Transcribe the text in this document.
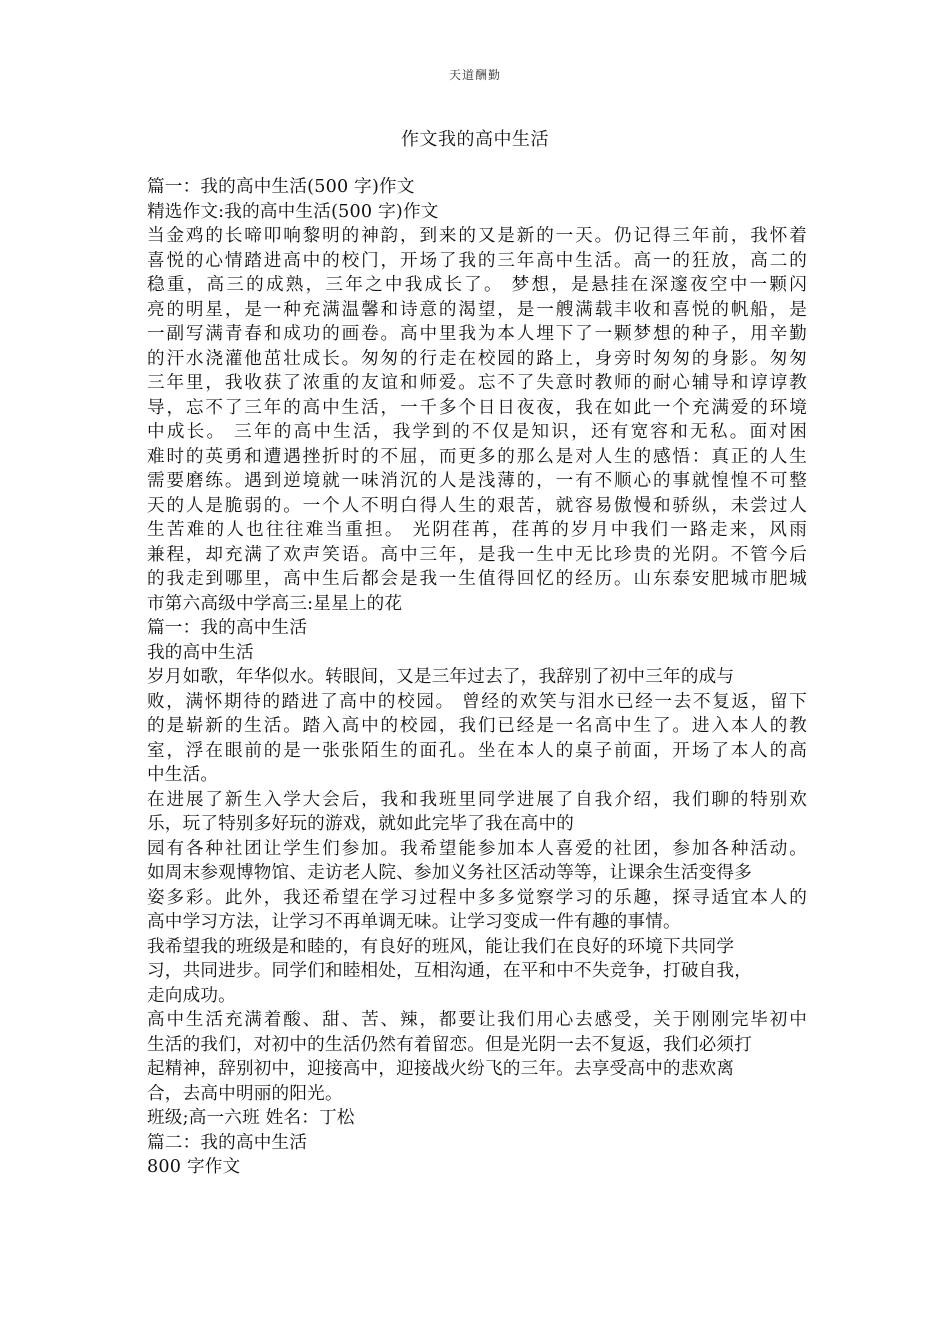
天道酬勤
作文我的高中生活

篇一：我的高中生活(500 字)作文

精选作文:我的高中生活(500 字)作文

当金鸡的长啼叩响黎明的神韵，到来的又是新的一天。仍记得三年前，我怀着

喜悦的心情踏进高中的校门，开场了我的三年高中生活。高一的狂放，高二的

稳重，高三的成熟，三年之中我成长了。 梦想，是悬挂在深邃夜空中一颗闪

亮的明星，是一种充满温馨和诗意的渴望，是一艘满载丰收和喜悦的帆船，是

一副写满青春和成功的画卷。高中里我为本人埋下了一颗梦想的种子，用辛勤

的汗水浇灌他茁壮成长。匆匆的行走在校园的路上，身旁时匆匆的身影。匆匆

三年里，我收获了浓重的友谊和师爱。忘不了失意时教师的耐心辅导和谆谆教

导，忘不了三年的高中生活，一千多个日日夜夜，我在如此一个充满爱的环境

中成长。 三年的高中生活，我学到的不仅是知识，还有宽容和无私。面对困

难时的英勇和遭遇挫折时的不屈，而更多的那么是对人生的感悟：真正的人生

需要磨练。遇到逆境就一味消沉的人是浅薄的，一有不顺心的事就惶惶不可整

天的人是脆弱的。一个人不明白得人生的艰苦，就容易傲慢和骄纵，未尝过人

生苦难的人也往往难当重担。 光阴荏苒，荏苒的岁月中我们一路走来，风雨

兼程，却充满了欢声笑语。高中三年，是我一生中无比珍贵的光阴。不管今后

的我走到哪里，高中生后都会是我一生值得回忆的经历。山东泰安肥城市肥城

市第六高级中学高三:星星上的花

篇一：我的高中生活

我的高中生活

岁月如歌，年华似水。转眼间，又是三年过去了，我辞别了初中三年的成与

败，满怀期待的踏进了高中的校园。 曾经的欢笑与泪水已经一去不复返，留下

的是崭新的生活。踏入高中的校园，我们已经是一名高中生了。进入本人的教

室，浮在眼前的是一张张陌生的面孔。坐在本人的桌子前面，开场了本人的高

中生活。

在进展了新生入学大会后，我和我班里同学进展了自我介绍，我们聊的特别欢

乐，玩了特别多好玩的游戏，就如此完毕了我在高中的

园有各种社团让学生们参加。我希望能参加本人喜爱的社团，参加各种活动。

如周末参观博物馆、走访老人院、参加义务社区活动等等，让课余生活变得多

姿多彩。此外，我还希望在学习过程中多多觉察学习的乐趣，探寻适宜本人的

高中学习方法，让学习不再单调无味。让学习变成一件有趣的事情。

我希望我的班级是和睦的，有良好的班风，能让我们在良好的环境下共同学

习，共同进步。同学们和睦相处，互相沟通，在平和中不失竞争，打破自我，

走向成功。

高中生活充满着酸、甜、苦、辣，都要让我们用心去感受，关于刚刚完毕初中

生活的我们，对初中的生活仍然有着留恋。但是光阴一去不复返，我们必须打

起精神，辞别初中，迎接高中，迎接战火纷飞的三年。去享受高中的悲欢离

合，去高中明丽的阳光。

班级;高一六班 姓名：丁松

篇二：我的高中生活

800 字作文
